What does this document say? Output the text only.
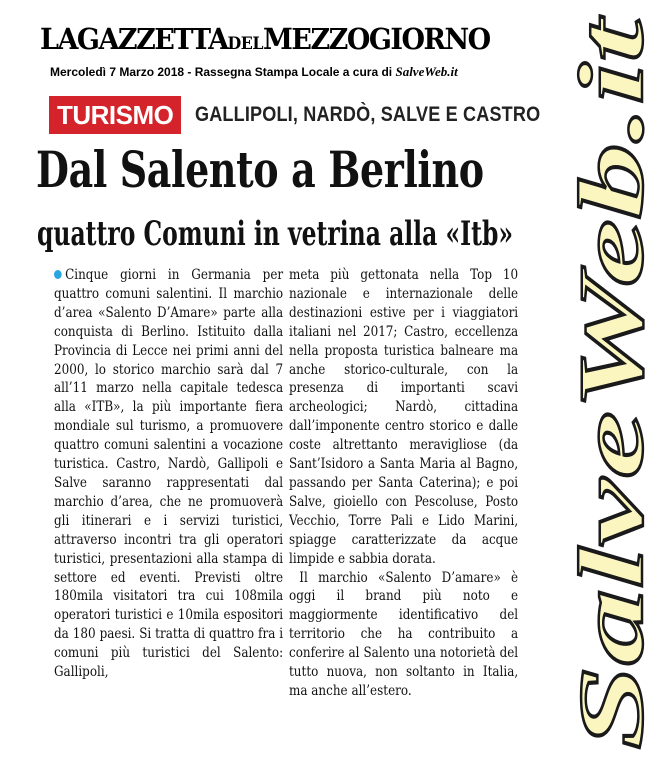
LAGAZZETTADELMEZZOGIORNO
Mercoledì 7 Marzo 2018 - Rassegna Stampa Locale a cura di SalveWeb.it
TURISMO	GALLIPOLI, NARDÒ, SALVE E CASTRO
Dal Salento a Berlino
quattro Comuni in vetrina alla «Itb»

Cinque giorni in Germania per quattro comuni salentini. Il marchio d’area «Salento D’Amare» parte alla conquista di Berlino. Istituito dalla Provincia di Lecce nei primi anni del 2000, lo storico marchio sarà dal 7 all’11 marzo nella capitale tedesca alla «ITB», la più importante fiera mondiale sul turismo, a promuovere quattro comuni salentini a vocazione turistica. Castro, Nardò, Gallipoli e Salve saranno rappresentati dal marchio d’area, che ne promuoverà gli itinerari e i servizi turistici, attraverso incontri tra gli operatori turistici, presentazioni alla stampa di settore ed eventi. Previsti oltre 180mila visitatori tra cui 108mila operatori turistici e 10mila espositori da 180 paesi. Si tratta di quattro fra i comuni più turistici del Salento: Gallipoli,

meta più gettonata nella Top 10 nazionale e internazionale delle destinazioni estive per i viaggiatori italiani nel 2017; Castro, eccellenza nella proposta turistica balneare ma anche storico-culturale, con la presenza di importanti scavi archeologici; Nardò, cittadina dall’imponente centro storico e dalle coste altrettanto meravigliose (da Sant’Isidoro a Santa Maria al Bagno, passando per Santa Caterina); e poi Salve, gioiello con Pescoluse, Posto Vecchio, Torre Pali e Lido Marini, spiagge caratterizzate da acque limpide e sabbia dorata.

Il marchio «Salento D’amare» è oggi il brand più noto e maggiormente identificativo del territorio che ha contribuito a conferire al Salento una notorietà del tutto nuova, non soltanto in Italia, ma anche all’estero.	SalveWeb.it
